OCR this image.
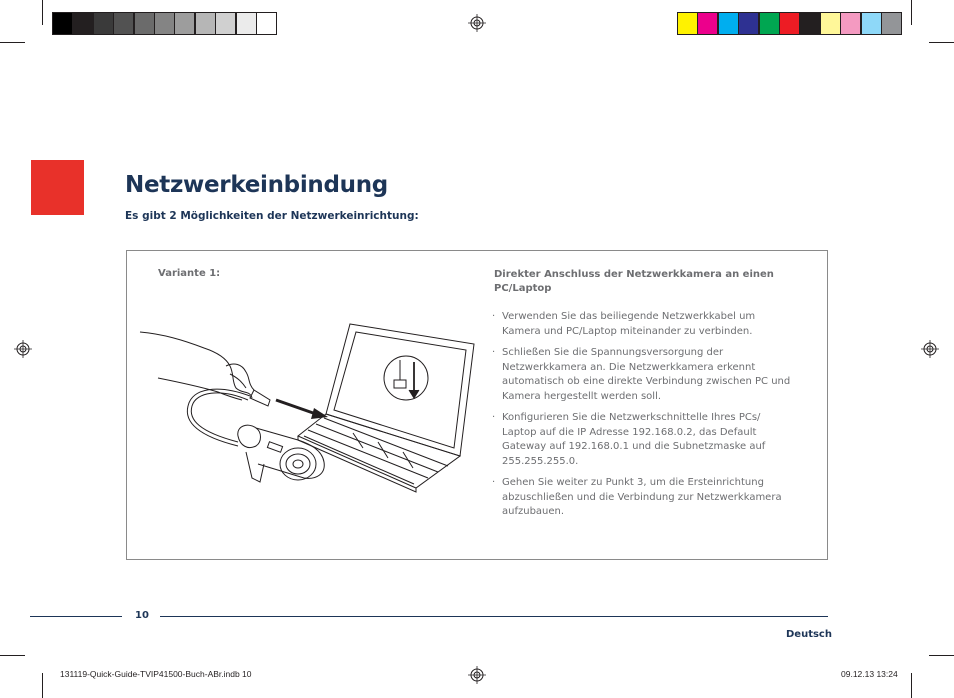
Netzwerkeinbindung
Es gibt 2 Möglichkeiten der Netzwerkeinrichtung:
Variante 1:	Direkter Anschluss der Netzwerkkamera an einen PC/Laptop
· Verwenden Sie das beiliegende Netzwerkkabel um Kamera und PC/Laptop miteinander zu verbinden.
· Schließen Sie die Spannungsversorgung der Netzwerkkamera an. Die Netzwerkkamera erkennt automatisch ob eine direkte Verbindung zwischen PC und Kamera hergestellt werden soll.
· Konfigurieren Sie die Netzwerkschnittelle Ihres PCs/ Laptop auf die IP Adresse 192.168.0.2, das Default Gateway auf 192.168.0.1 und die Subnetzmaske auf 255.255.255.0.
· Gehen Sie weiter zu Punkt 3, um die Ersteinrichtung abzuschließen und die Verbindung zur Netzwerkkamera aufzubauen.
10
Deutsch
131119-Quick-Guide-TVIP41500-Buch-ABr.indb 10	09.12.13 13:24
